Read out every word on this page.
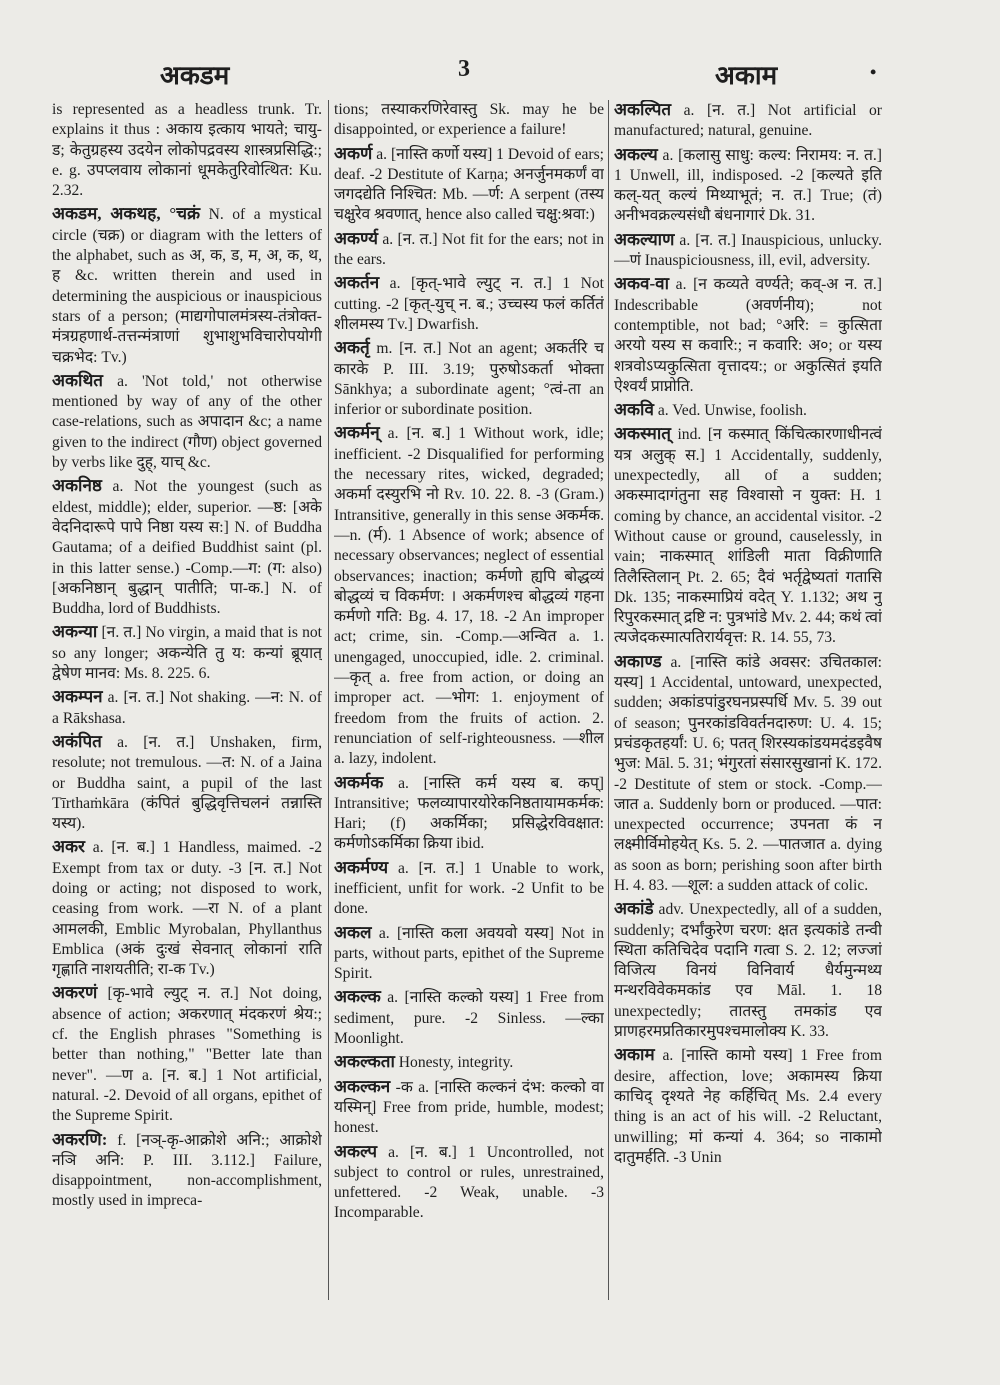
अकडम	3	अकाम	•

is represented as a headless trunk. Tr. explains it thus : अकाय इत्काय भायते; चायु-ड; केतुग्रहस्य उदयेन लोकोपद्रवस्य शास्त्रप्रसिद्धि:; e. g. उपप्लवाय लोकानां धूमकेतुरिवोत्थित: Ku. 2.32.

अकडम, अकथह, °चक्रं N. of a mystical circle (चक्र) or diagram with the letters of the alphabet, such as अ, क, ड, म, अ, क, थ, ह &c. written therein and used in determining the auspicious or inauspicious stars of a person; (माद्यगोपालमंत्रस्य-तंत्रोक्त-मंत्रग्रहणार्थ-तत्तन्मंत्राणां शुभाशुभविचारोपयोगी चक्रभेद: Tv.)

अकथित a. 'Not told,' not otherwise mentioned by way of any of the other case-relations, such as अपादान &c; a name given to the indirect (गौण) object governed by verbs like दुह्, याच् &c.

अकनिष्ठ a. Not the youngest (such as eldest, middle); elder, superior. —ष्ठ: [अके वेदनिदारूपे पापे निष्ठा यस्य स:] N. of Buddha Gautama; of a deified Buddhist saint (pl. in this latter sense.) -Comp.—ग: (ग: also) [अकनिष्ठान् बुद्धान् पातीति; पा-क.] N. of Buddha, lord of Buddhists.

अकन्या [न. त.] No virgin, a maid that is not so any longer; अकन्येति तु य: कन्यां ब्रूयात् द्वेषेण मानव: Ms. 8. 225. 6.

अकम्पन a. [न. त.] Not shaking. —न: N. of a Rākshasa.

अकंपित a. [न. त.] Unshaken, firm, resolute; not tremulous. —त: N. of a Jaina or Buddha saint, a pupil of the last Tīrthaṁkāra (कंपितं बुद्धिवृत्तिचलनं तन्नास्ति यस्य).

अकर a. [न. ब.] 1 Handless, maimed. -2 Exempt from tax or duty. -3 [न. त.] Not doing or acting; not disposed to work, ceasing from work. —रा N. of a plant आमलकी, Emblic Myrobalan, Phyllanthus Emblica (अकं दुःखं सेवनात् लोकानां राति गृह्णाति नाशयतीति; रा-क Tv.)

अकरणं [कृ-भावे ल्युट् न. त.] Not doing, absence of action; अकरणात् मंदकरणं श्रेय:; cf. the English phrases "Something is better than nothing," "Better late than never". —ण a. [न. ब.] 1 Not artificial, natural. -2. Devoid of all organs, epithet of the Supreme Spirit.

अकरणि: f. [नञ्-कृ-आक्रोशे अनि:; आक्रोशे नञि अनि: P. III. 3.112.] Failure, disappointment, non-accomplishment, mostly used in impreca-

tions; तस्याकरणिरेवास्तु Sk. may he be disappointed, or experience a failure!

अकर्ण a. [नास्ति कर्णो यस्य] 1 Devoid of ears; deaf. -2 Destitute of Karṇa; अनर्जुनमकर्णं वा जगदद्येति निश्चित: Mb. —र्ण: A serpent (तस्य चक्षुरेव श्रवणात्, hence also called चक्षु:श्रवा:)

अकर्ण्य a. [न. त.] Not fit for the ears; not in the ears.

अकर्तन a. [कृत्-भावे ल्युट् न. त.] 1 Not cutting. -2 [कृत्-युच् न. ब.; उच्चस्य फलं कर्तितं शीलमस्य Tv.] Dwarfish.

अकर्तृ m. [न. त.] Not an agent; अकर्तरि च कारके P. III. 3.19; पुरुषोऽकर्ता भोक्ता Sānkhya; a subordinate agent; °त्वं-ता an inferior or subordinate position.

अकर्मन् a. [न. ब.] 1 Without work, idle; inefficient. -2 Disqualified for performing the necessary rites, wicked, degraded; अकर्मा दस्युरभि नो Rv. 10. 22. 8. -3 (Gram.) Intransitive, generally in this sense अकर्मक. —n. (र्म). 1 Absence of work; absence of necessary observances; neglect of essential observances; inaction; कर्मणो ह्यपि बोद्धव्यं बोद्धव्यं च विकर्मण: । अकर्मणश्च बोद्धव्यं गहना कर्मणो गति: Bg. 4. 17, 18. -2 An improper act; crime, sin. -Comp.—अन्वित a. 1. unengaged, unoccupied, idle. 2. criminal. —कृत् a. free from action, or doing an improper act. —भोग: 1. enjoyment of freedom from the fruits of action. 2. renunciation of self-righteousness. —शील a. lazy, indolent.

अकर्मक a. [नास्ति कर्म यस्य ब. कप्] Intransitive; फलव्यापारयोरेकनिष्ठतायामकर्मक: Hari; (f) अकर्मिका; प्रसिद्धेरविवक्षात: कर्मणोऽकर्मिका क्रिया ibid.

अकर्मण्य a. [न. त.] 1 Unable to work, inefficient, unfit for work. -2 Unfit to be done.

अकल a. [नास्ति कला अवयवो यस्य] Not in parts, without parts, epithet of the Supreme Spirit.

अकल्क a. [नास्ति कल्को यस्य] 1 Free from sediment, pure. -2 Sinless. —ल्का Moonlight.

अकल्कता Honesty, integrity.

अकल्कन -क a. [नास्ति कल्कनं दंभ: कल्को वा यस्मिन्] Free from pride, humble, modest; honest.

अकल्प a. [न. ब.] 1 Uncontrolled, not subject to control or rules, unrestrained, unfettered. -2 Weak, unable. -3 Incomparable.

अकल्पित a. [न. त.] Not artificial or manufactured; natural, genuine.

अकल्य a. [कलासु साधु: कल्य: निरामय: न. त.] 1 Unwell, ill, indisposed. -2 [कल्यते इति कल्-यत् कल्यं मिथ्याभूतं; न. त.] True; (तं) अनीभवक्रल्यसंधौ बंधनागारं Dk. 31.

अकल्याण a. [न. त.] Inauspicious, unlucky. —णं Inauspiciousness, ill, evil, adversity.

अकव-वा a. [न कव्यते वर्ण्यते; कव्-अ न. त.] Indescribable (अवर्णनीय); not contemptible, not bad; °अरि: = कुत्सिता अरयो यस्य स कवारि:; न कवारि: अ०; or यस्य शत्रवोऽप्यकुत्सिता वृत्तादय:; or अकुत्सितं इयति ऐश्वर्यं प्राप्नोति.

अकवि a. Ved. Unwise, foolish.

अकस्मात् ind. [न कस्मात् किंचित्कारणाधीनत्वं यत्र अलुक् स.] 1 Accidentally, suddenly, unexpectedly, all of a sudden; अकस्मादागंतुना सह विश्वासो न युक्त: H. 1 coming by chance, an accidental visitor. -2 Without cause or ground, causelessly, in vain; नाकस्मात् शांडिली माता विक्रीणाति तिलैस्तिलान् Pt. 2. 65; दैवं भर्तृद्वेष्यतां गतासि Dk. 135; नाकस्माप्रियं वदेत् Y. 1.132; अथ नु रिपुरकस्मात् द्रष्टि न: पुत्रभांडे Mv. 2. 44; कथं त्वां त्यजेदकस्मात्पतिरार्यवृत्त: R. 14. 55, 73.

अकाण्ड a. [नास्ति कांडे अवसर: उचितकाल: यस्य] 1 Accidental, untoward, unexpected, sudden; अकांडपांडुरघनप्रस्पर्धि Mv. 5. 39 out of season; पुनरकांडविवर्तनदारुण: U. 4. 15; प्रचंडकृतहर्यां: U. 6; पतत् शिरस्यकांडयमदंडइवैष भुज: Māl. 5. 31; भंगुरतां संसारसुखानां K. 172. -2 Destitute of stem or stock. -Comp.—जात a. Suddenly born or produced. —पात: unexpected occurrence; उपनता कं न लक्ष्मीर्विमोहयेत् Ks. 5. 2. —पातजात a. dying as soon as born; perishing soon after birth H. 4. 83. —शूल: a sudden attack of colic.

अकांडे adv. Unexpectedly, all of a sudden, suddenly; दर्भांकुरेण चरण: क्षत इत्यकांडे तन्वी स्थिता कतिचिदेव पदानि गत्वा S. 2. 12; लज्जां विजित्य विनयं विनिवार्य धैर्यमुन्मथ्य मन्थरविवेकमकांड एव Māl. 1. 18 unexpectedly; तातस्तु तमकांड एव प्राणहरमप्रतिकारमुपश्चमालोक्य K. 33.

अकाम a. [नास्ति कामो यस्य] 1 Free from desire, affection, love; अकामस्य क्रिया काचिद् दृश्यते नेह कर्हिचित् Ms. 2.4 every thing is an act of his will. -2 Reluctant, unwilling; मां कन्यां 4. 364; so नाकामो दातुमर्हति. -3 Unin
